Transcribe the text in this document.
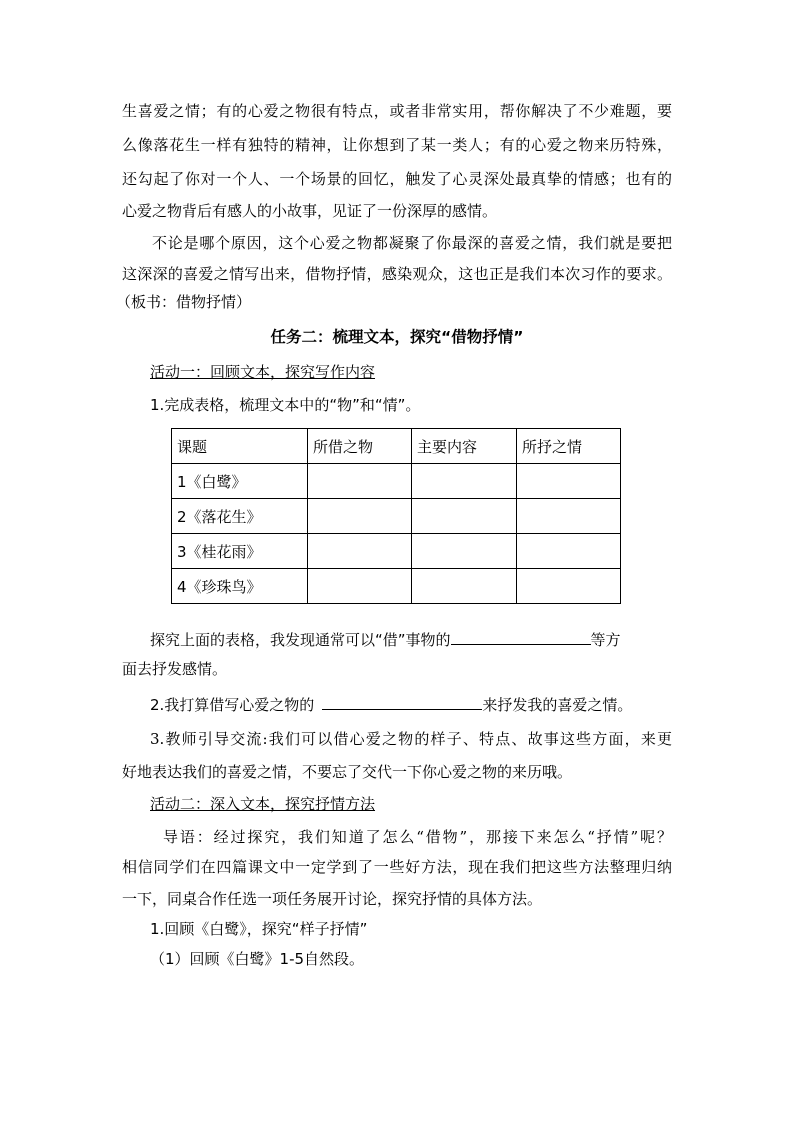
生喜爱之情；有的心爱之物很有特点，或者非常实用，帮你解决了不少难题，要
么像落花生一样有独特的精神，让你想到了某一类人；有的心爱之物来历特殊，
还勾起了你对一个人、一个场景的回忆，触发了心灵深处最真挚的情感；也有的
心爱之物背后有感人的小故事，见证了一份深厚的感情。
不论是哪个原因，这个心爱之物都凝聚了你最深的喜爱之情，我们就是要把
这深深的喜爱之情写出来，借物抒情，感染观众，这也正是我们本次习作的要求。
（板书：借物抒情）
任务二：梳理文本，探究“借物抒情”
活动一：回顾文本，探究写作内容
1.完成表格，梳理文本中的“物”和“情”。
课题	所借之物	主要内容	所抒之情
1《白鹭》			
2《落花生》			
3《桂花雨》			
4《珍珠鸟》			
探究上面的表格，我发现通常可以“借”事物的	等方
面去抒发感情。
2.我打算借写心爱之物的	来抒发我的喜爱之情。
3.教师引导交流:我们可以借心爱之物的样子、特点、故事这些方面，来更
好地表达我们的喜爱之情，不要忘了交代一下你心爱之物的来历哦。
活动二：深入文本，探究抒情方法
导语：经过探究，我们知道了怎么“借物”，那接下来怎么“抒情”呢？
相信同学们在四篇课文中一定学到了一些好方法，现在我们把这些方法整理归纳
一下，同桌合作任选一项任务展开讨论，探究抒情的具体方法。
1.回顾《白鹭》，探究“样子抒情”
（1）回顾《白鹭》1-5自然段。
